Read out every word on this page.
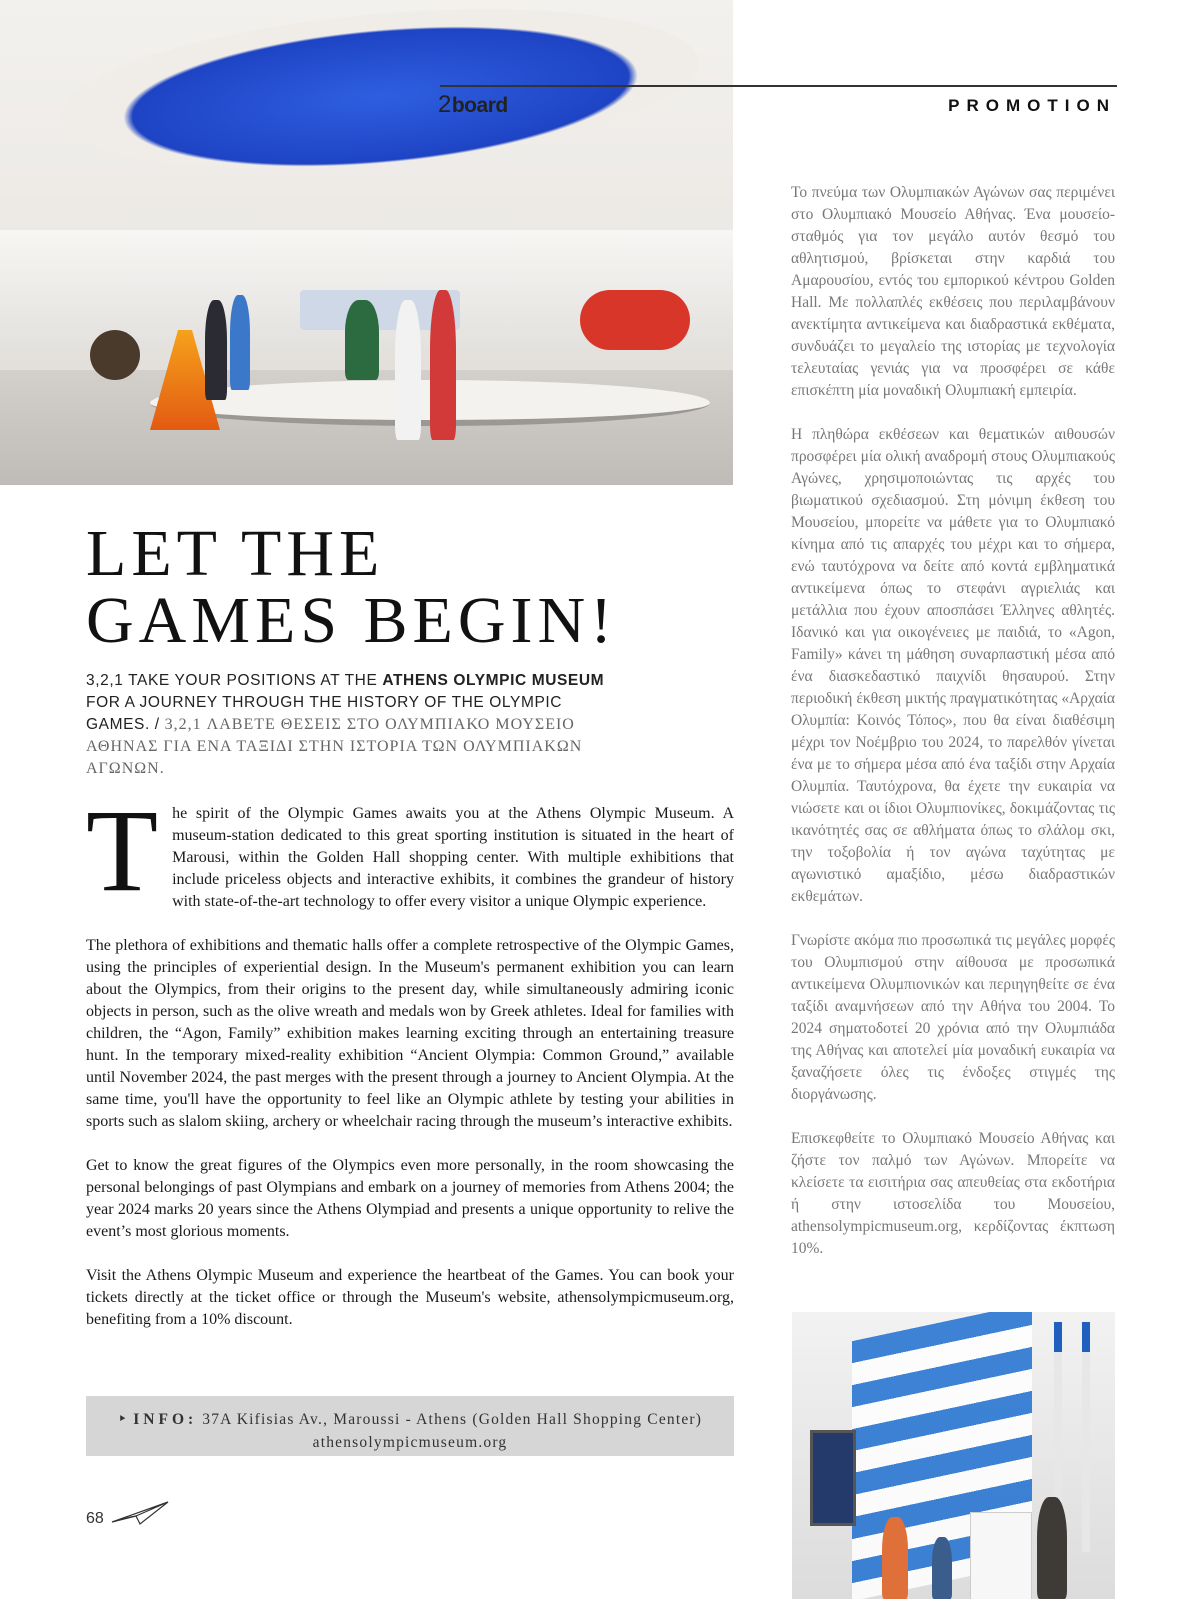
2board	PROMOTION
LET THE
GAMES BEGIN!

3,2,1 TAKE YOUR POSITIONS AT THE ATHENS OLYMPIC MUSEUM FOR A JOURNEY THROUGH THE HISTORY OF THE OLYMPIC GAMES. / 3,2,1 ΛΑΒΕΤΕ ΘΕΣΕΙΣ ΣΤΟ ΟΛΥΜΠΙΑΚΟ ΜΟΥΣΕΙΟ ΑΘΗΝΑΣ ΓΙΑ ΕΝΑ ΤΑΞΙΔΙ ΣΤΗΝ ΙΣΤΟΡΙΑ ΤΩΝ ΟΛΥΜΠΙΑΚΩΝ ΑΓΩΝΩΝ.

The spirit of the Olympic Games awaits you at the Athens Olympic Museum. A museum-station dedicated to this great sporting institution is situated in the heart of Marousi, within the Golden Hall shopping center. With multiple exhibitions that include priceless objects and interactive exhibits, it combines the grandeur of history with state-of-the-art technology to offer every visitor a unique Olympic experience.

The plethora of exhibitions and thematic halls offer a complete retrospective of the Olympic Games, using the principles of experiential design. In the Museum's permanent exhibition you can learn about the Olympics, from their origins to the present day, while simultaneously admiring iconic objects in person, such as the olive wreath and medals won by Greek athletes. Ideal for families with children, the “Agon, Family” exhibition makes learning exciting through an entertaining treasure hunt. In the temporary mixed-reality exhibition “Ancient Olympia: Common Ground,” available until November 2024, the past merges with the present through a journey to Ancient Olympia. At the same time, you'll have the opportunity to feel like an Olympic athlete by testing your abilities in sports such as slalom skiing, archery or wheelchair racing through the museum’s interactive exhibits.

Get to know the great figures of the Olympics even more personally, in the room showcasing the personal belongings of past Olympians and embark on a journey of memories from Athens 2004; the year 2024 marks 20 years since the Athens Olympiad and presents a unique opportunity to relive the event’s most glorious moments.

Visit the Athens Olympic Museum and experience the heartbeat of the Games. You can book your tickets directly at the ticket office or through the Museum's website, athensolympicmuseum.org, benefiting from a 10% discount.

‣ INFO: 37A Kifisias Av., Maroussi - Athens (Golden Hall Shopping Center)
athensolympicmuseum.org
68

Το πνεύμα των Ολυμπιακών Αγώνων σας περιμένει στο Ολυμπιακό Μουσείο Αθήνας. Ένα μουσείο-σταθμός για τον μεγάλο αυτόν θεσμό του αθλητισμού, βρίσκεται στην καρδιά του Αμαρουσίου, εντός του εμπορικού κέντρου Golden Hall. Με πολλαπλές εκθέσεις που περιλαμβάνουν ανεκτίμητα αντικείμενα και διαδραστικά εκθέματα, συνδυάζει το μεγαλείο της ιστορίας με τεχνολογία τελευταίας γενιάς για να προσφέρει σε κάθε επισκέπτη μία μοναδική Ολυμπιακή εμπειρία.

Η πληθώρα εκθέσεων και θεματικών αιθουσών προσφέρει μία ολική αναδρομή στους Ολυμπιακούς Αγώνες, χρησιμοποιώντας τις αρχές του βιωματικού σχεδιασμού. Στη μόνιμη έκθεση του Μουσείου, μπορείτε να μάθετε για το Ολυμπιακό κίνημα από τις απαρχές του μέχρι και το σήμερα, ενώ ταυτόχρονα να δείτε από κοντά εμβληματικά αντικείμενα όπως το στεφάνι αγριελιάς και μετάλλια που έχουν αποσπάσει Έλληνες αθλητές. Ιδανικό και για οικογένειες με παιδιά, το «Agon, Family» κάνει τη μάθηση συναρπαστική μέσα από ένα διασκεδαστικό παιχνίδι θησαυρού. Στην περιοδική έκθεση μικτής πραγματικότητας «Αρχαία Ολυμπία: Κοινός Τόπος», που θα είναι διαθέσιμη μέχρι τον Νοέμβριο του 2024, το παρελθόν γίνεται ένα με το σήμερα μέσα από ένα ταξίδι στην Αρχαία Ολυμπία. Ταυτόχρονα, θα έχετε την ευκαιρία να νιώσετε και οι ίδιοι Ολυμπιονίκες, δοκιμάζοντας τις ικανότητές σας σε αθλήματα όπως το σλάλομ σκι, την τοξοβολία ή τον αγώνα ταχύτητας με αγωνιστικό αμαξίδιο, μέσω διαδραστικών εκθεμάτων.

Γνωρίστε ακόμα πιο προσωπικά τις μεγάλες μορφές του Ολυμπισμού στην αίθουσα με προσωπικά αντικείμενα Ολυμπιονικών και περιηγηθείτε σε ένα ταξίδι αναμνήσεων από την Αθήνα του 2004. Το 2024 σηματοδοτεί 20 χρόνια από την Ολυμπιάδα της Αθήνας και αποτελεί μία μοναδική ευκαιρία να ξαναζήσετε όλες τις ένδοξες στιγμές της διοργάνωσης.

Επισκεφθείτε το Ολυμπιακό Μουσείο Αθήνας και ζήστε τον παλμό των Αγώνων. Μπορείτε να κλείσετε τα εισιτήρια σας απευθείας στα εκδοτήρια ή στην ιστοσελίδα του Μουσείου, athensolympicmuseum.org, κερδίζοντας έκπτωση 10%.
